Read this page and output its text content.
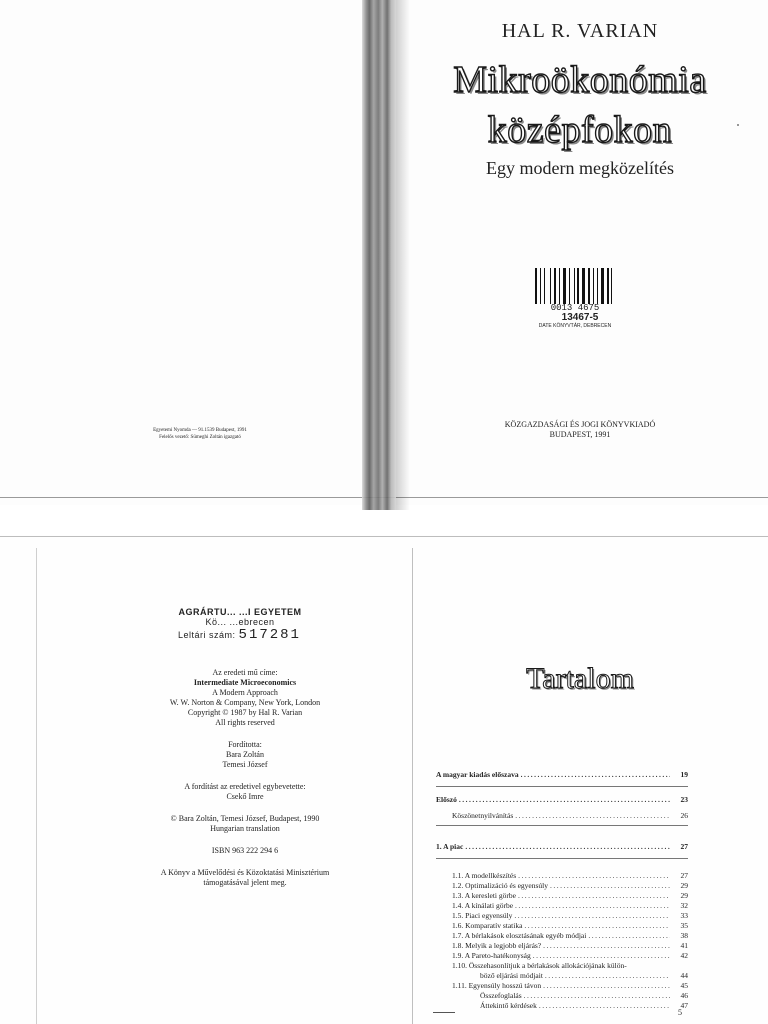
HAL R. VARIAN
Mikroökonómia
középfokon
Egy modern megközelítés
0013 4675
13467-5
DATE KÖNYVTÁR, DEBRECEN
KÖZGAZDASÁGI ÉS JOGI KÖNYVKIADÓ
BUDAPEST, 1991
Egyetemi Nyomda — 91.1539 Budapest, 1991
Felelős vezető: Sümeghi Zoltán igazgató
AGRÁRTU... ...I EGYETEM
Kö... ...ebrecen
Leltári szám: 517281
Az eredeti mű címe:
Intermediate Microeconomics
A Modern Approach
W. W. Norton & Company, New York, London
Copyright © 1987 by Hal R. Varian
All rights reserved
Fordította:
Bara Zoltán
Temesi József
A fordítást az eredetivel egybevetette:
Csekő Imre
© Bara Zoltán, Temesi József, Budapest, 1990
Hungarian translation
ISBN 963 222 294 6
A Könyv a Művelődési és Közoktatási Minisztérium
támogatásával jelent meg.
Tartalom
A magyar kiadás előszava .....	19
Előszó .....	23
Köszönetnyilvánítás .....	26
1. A piac .....	27
1.1. A modellkészítés .....	27
1.2. Optimalizáció és egyensúly .....	29
1.3. A keresleti görbe .....	29
1.4. A kínálati görbe .....	32
1.5. Piaci egyensúly .....	33
1.6. Komparatív statika .....	35
1.7. A bérlakások elosztásának egyéb módjai .....	38
1.8. Melyik a legjobb eljárás? .....	41
1.9. A Pareto-hatékonyság .....	42
1.10. Összehasonlítjuk a bérlakások allokációjának külön-
böző eljárási módjait .....	44
1.11. Egyensúly hosszú távon .....	45
Összefoglalás .....	46
Áttekintő kérdések .....	47
5
